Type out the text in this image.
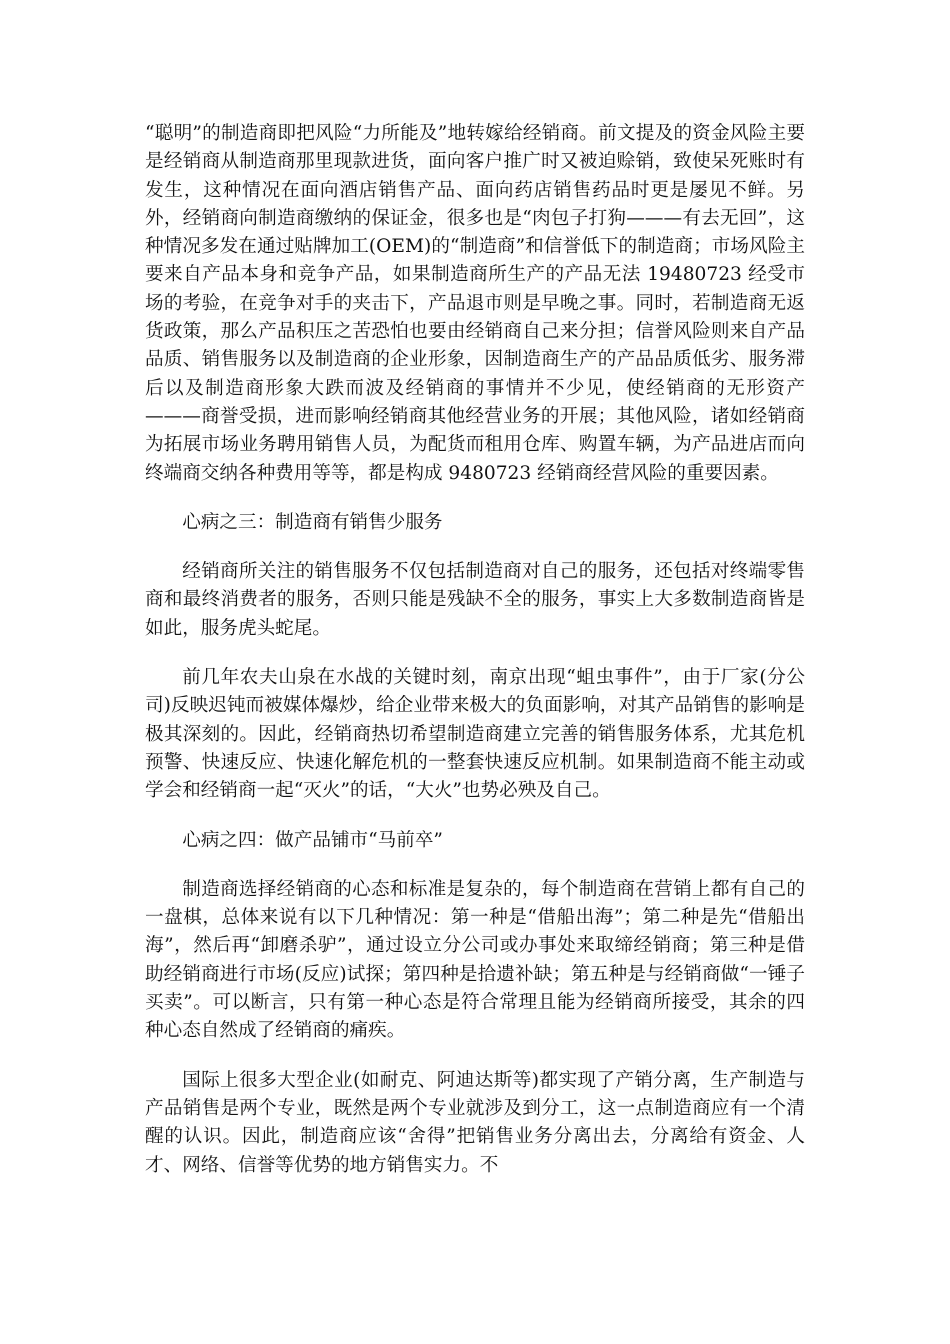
“聪明”的制造商即把风险“力所能及”地转嫁给经销商。前文提及的资金风险主要是经销商从制造商那里现款进货，面向客户推广时又被迫赊销，致使呆死账时有发生，这种情况在面向酒店销售产品、面向药店销售药品时更是屡见不鲜。另外，经销商向制造商缴纳的保证金，很多也是“肉包子打狗———有去无回”，这种情况多发在通过贴牌加工(OEM)的“制造商”和信誉低下的制造商；市场风险主要来自产品本身和竞争产品，如果制造商所生产的产品无法 19480723 经受市场的考验，在竞争对手的夹击下，产品退市则是早晚之事。同时，若制造商无返货政策，那么产品积压之苦恐怕也要由经销商自己来分担；信誉风险则来自产品品质、销售服务以及制造商的企业形象，因制造商生产的产品品质低劣、服务滞后以及制造商形象大跌而波及经销商的事情并不少见，使经销商的无形资产———商誉受损，进而影响经销商其他经营业务的开展；其他风险，诸如经销商为拓展市场业务聘用销售人员，为配货而租用仓库、购置车辆，为产品进店而向终端商交纳各种费用等等，都是构成 9480723 经销商经营风险的重要因素。

心病之三：制造商有销售少服务

经销商所关注的销售服务不仅包括制造商对自己的服务，还包括对终端零售商和最终消费者的服务，否则只能是残缺不全的服务，事实上大多数制造商皆是如此，服务虎头蛇尾。

前几年农夫山泉在水战的关键时刻，南京出现“蛆虫事件”，由于厂家(分公司)反映迟钝而被媒体爆炒，给企业带来极大的负面影响，对其产品销售的影响是极其深刻的。因此，经销商热切希望制造商建立完善的销售服务体系，尤其危机预警、快速反应、快速化解危机的一整套快速反应机制。如果制造商不能主动或学会和经销商一起“灭火”的话，“大火”也势必殃及自己。

心病之四：做产品铺市“马前卒”

制造商选择经销商的心态和标准是复杂的，每个制造商在营销上都有自己的一盘棋，总体来说有以下几种情况：第一种是“借船出海”；第二种是先“借船出海”，然后再“卸磨杀驴”，通过设立分公司或办事处来取缔经销商；第三种是借助经销商进行市场(反应)试探；第四种是拾遗补缺；第五种是与经销商做“一锤子买卖”。可以断言，只有第一种心态是符合常理且能为经销商所接受，其余的四种心态自然成了经销商的痛疾。

国际上很多大型企业(如耐克、阿迪达斯等)都实现了产销分离，生产制造与产品销售是两个专业，既然是两个专业就涉及到分工，这一点制造商应有一个清醒的认识。因此，制造商应该“舍得”把销售业务分离出去，分离给有资金、人才、网络、信誉等优势的地方销售实力。不
